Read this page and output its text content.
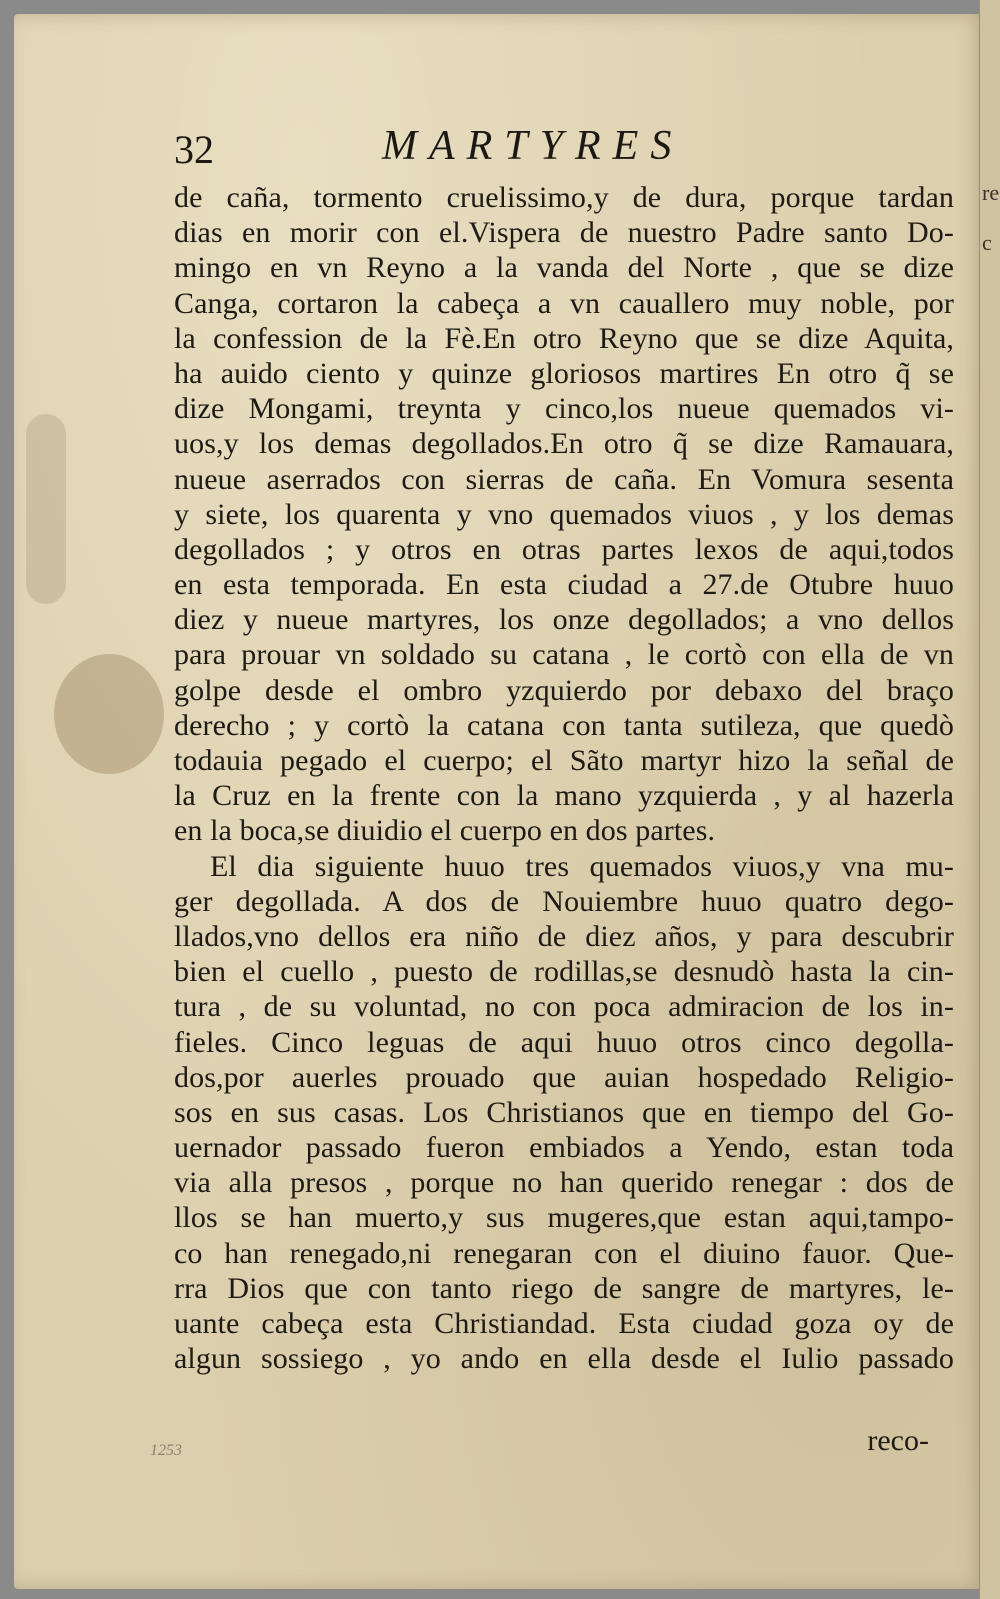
32	MARTYRES
de caña, tormento cruelissimo,y de dura, porque tardan
dias en morir con el.Vispera de nuestro Padre santo Do-
mingo en vn Reyno a la vanda del Norte , que se dize
Canga, cortaron la cabeça a vn cauallero muy noble, por
la confession de la Fè.En otro Reyno que se dize Aquita,
ha auido ciento y quinze gloriosos martires En otro q̃ se
dize Mongami, treynta y cinco,los nueue quemados vi-
uos,y los demas degollados.En otro q̃ se dize Ramauara,
nueue aserrados con sierras de caña. En Vomura sesenta
y siete, los quarenta y vno quemados viuos , y los demas
degollados ; y otros en otras partes lexos de aqui,todos
en esta temporada. En esta ciudad a 27.de Otubre huuo
diez y nueue martyres, los onze degollados; a vno dellos
para prouar vn soldado su catana , le cortò con ella de vn
golpe desde el ombro yzquierdo por debaxo del braço
derecho ; y cortò la catana con tanta sutileza, que quedò
todauia pegado el cuerpo; el Sãto martyr hizo la señal de
la Cruz en la frente con la mano yzquierda , y al hazerla
en la boca,se diuidio el cuerpo en dos partes.
El dia siguiente huuo tres quemados viuos,y vna mu-
ger degollada. A dos de Nouiembre huuo quatro dego-
llados,vno dellos era niño de diez años, y para descubrir
bien el cuello , puesto de rodillas,se desnudò hasta la cin-
tura , de su voluntad, no con poca admiracion de los in-
fieles. Cinco leguas de aqui huuo otros cinco degolla-
dos,por auerles prouado que auian hospedado Religio-
sos en sus casas. Los Christianos que en tiempo del Go-
uernador passado fueron embiados a Yendo, estan toda
via alla presos , porque no han querido renegar : dos de
llos se han muerto,y sus mugeres,que estan aqui,tampo-
co han renegado,ni renegaran con el diuino fauor. Que-
rra Dios que con tanto riego de sangre de martyres, le-
uante cabeça esta Christiandad. Esta ciudad goza oy de
algun sossiego , yo ando en ella desde el Iulio passado
reco-
1253
re
c
